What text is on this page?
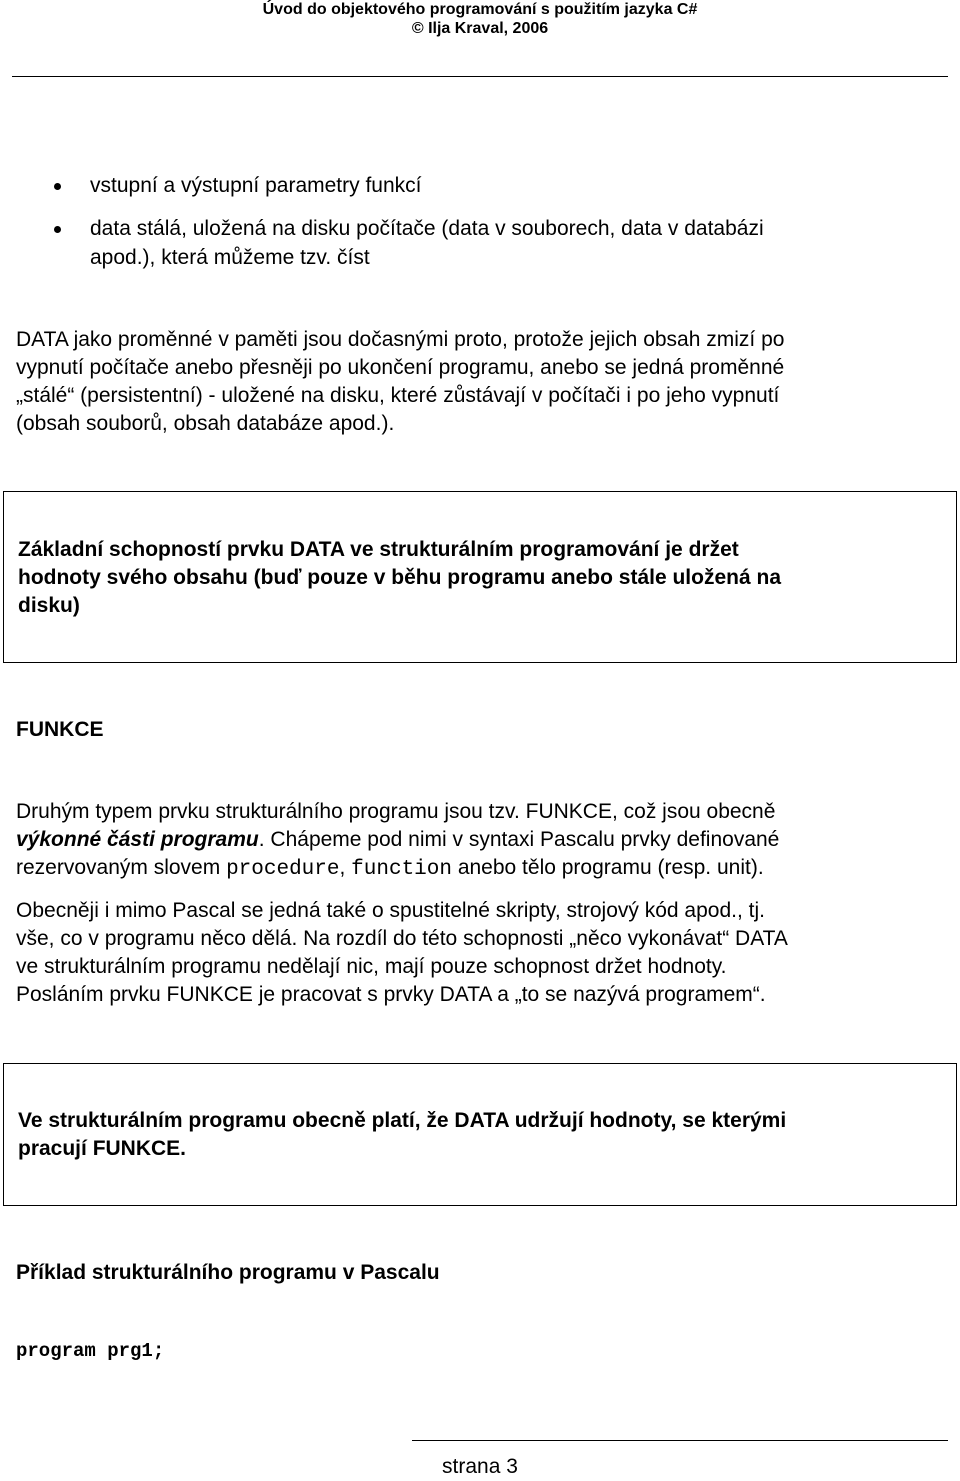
Úvod do objektového programování s použitím jazyka C#
© Ilja Kraval, 2006
vstupní a výstupní parametry funkcí
data stálá, uložená na disku počítače (data v souborech, data v databázi
apod.), která můžeme tzv. číst
DATA jako proměnné v paměti jsou dočasnými proto, protože jejich obsah zmizí po
vypnutí počítače anebo přesněji po ukončení programu, anebo se jedná proměnné
„stálé“ (persistentní) - uložené na disku, které zůstávají v počítači i po jeho vypnutí
(obsah souborů, obsah databáze apod.).
Základní schopností prvku DATA ve strukturálním programování je držet
hodnoty svého obsahu (buď pouze v běhu programu anebo stále uložená na
disku)
FUNKCE
Druhým typem prvku strukturálního programu jsou tzv. FUNKCE, což jsou obecně
výkonné části programu. Chápeme pod nimi v syntaxi Pascalu prvky definované
rezervovaným slovem procedure, function anebo tělo programu (resp. unit).
Obecněji i mimo Pascal se jedná také o spustitelné skripty, strojový kód apod., tj.
vše, co v programu něco dělá. Na rozdíl do této schopnosti „něco vykonávat“ DATA
ve strukturálním programu nedělají nic, mají pouze schopnost držet hodnoty.
Posláním prvku FUNKCE je pracovat s prvky DATA a „to se nazývá programem“.
Ve strukturálním programu obecně platí, že DATA udržují hodnoty, se kterými
pracují FUNKCE.
Příklad strukturálního programu v Pascalu
program prg1;
strana 3
